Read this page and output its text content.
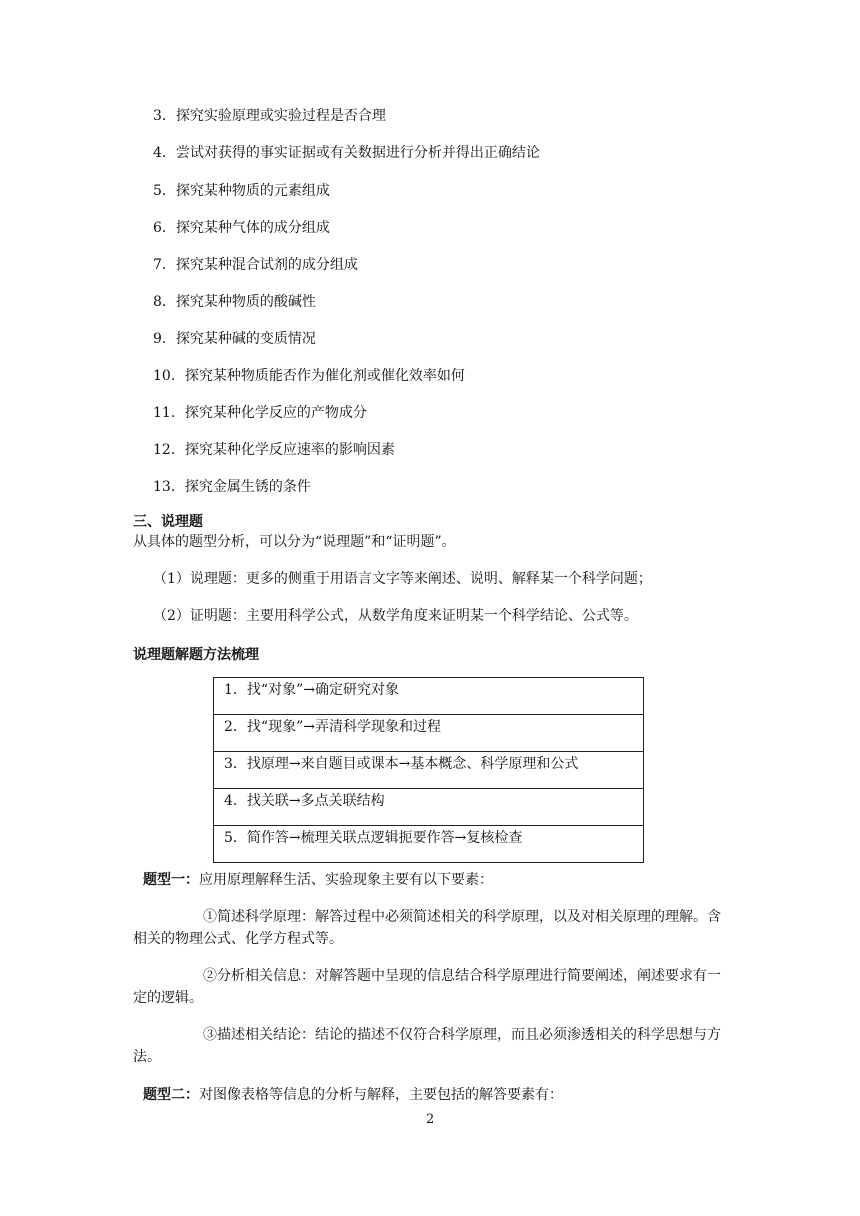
3．探究实验原理或实验过程是否合理
4．尝试对获得的事实证据或有关数据进行分析并得出正确结论
5．探究某种物质的元素组成
6．探究某种气体的成分组成
7．探究某种混合试剂的成分组成
8．探究某种物质的酸碱性
9．探究某种碱的变质情况
10．探究某种物质能否作为催化剂或催化效率如何
11．探究某种化学反应的产物成分
12．探究某种化学反应速率的影响因素
13．探究金属生锈的条件
三、说理题
从具体的题型分析，可以分为“说理题”和“证明题”。
（1）说理题：更多的侧重于用语言文字等来阐述、说明、解释某一个科学问题；
（2）证明题：主要用科学公式，从数学角度来证明某一个科学结论、公式等。
说理题解题方法梳理
1．找“对象”→确定研究对象
2．找“现象”→弄清科学现象和过程
3．找原理→来自题目或课本→基本概念、科学原理和公式
4．找关联→多点关联结构
5．简作答→梳理关联点逻辑扼要作答→复核检查
题型一：应用原理解释生活、实验现象主要有以下要素：
①简述科学原理：解答过程中必须简述相关的科学原理，以及对相关原理的理解。含相关的物理公式、化学方程式等。
②分析相关信息：对解答题中呈现的信息结合科学原理进行简要阐述，阐述要求有一定的逻辑。
③描述相关结论：结论的描述不仅符合科学原理，而且必须渗透相关的科学思想与方法。
题型二：对图像表格等信息的分析与解释，主要包括的解答要素有：
2
